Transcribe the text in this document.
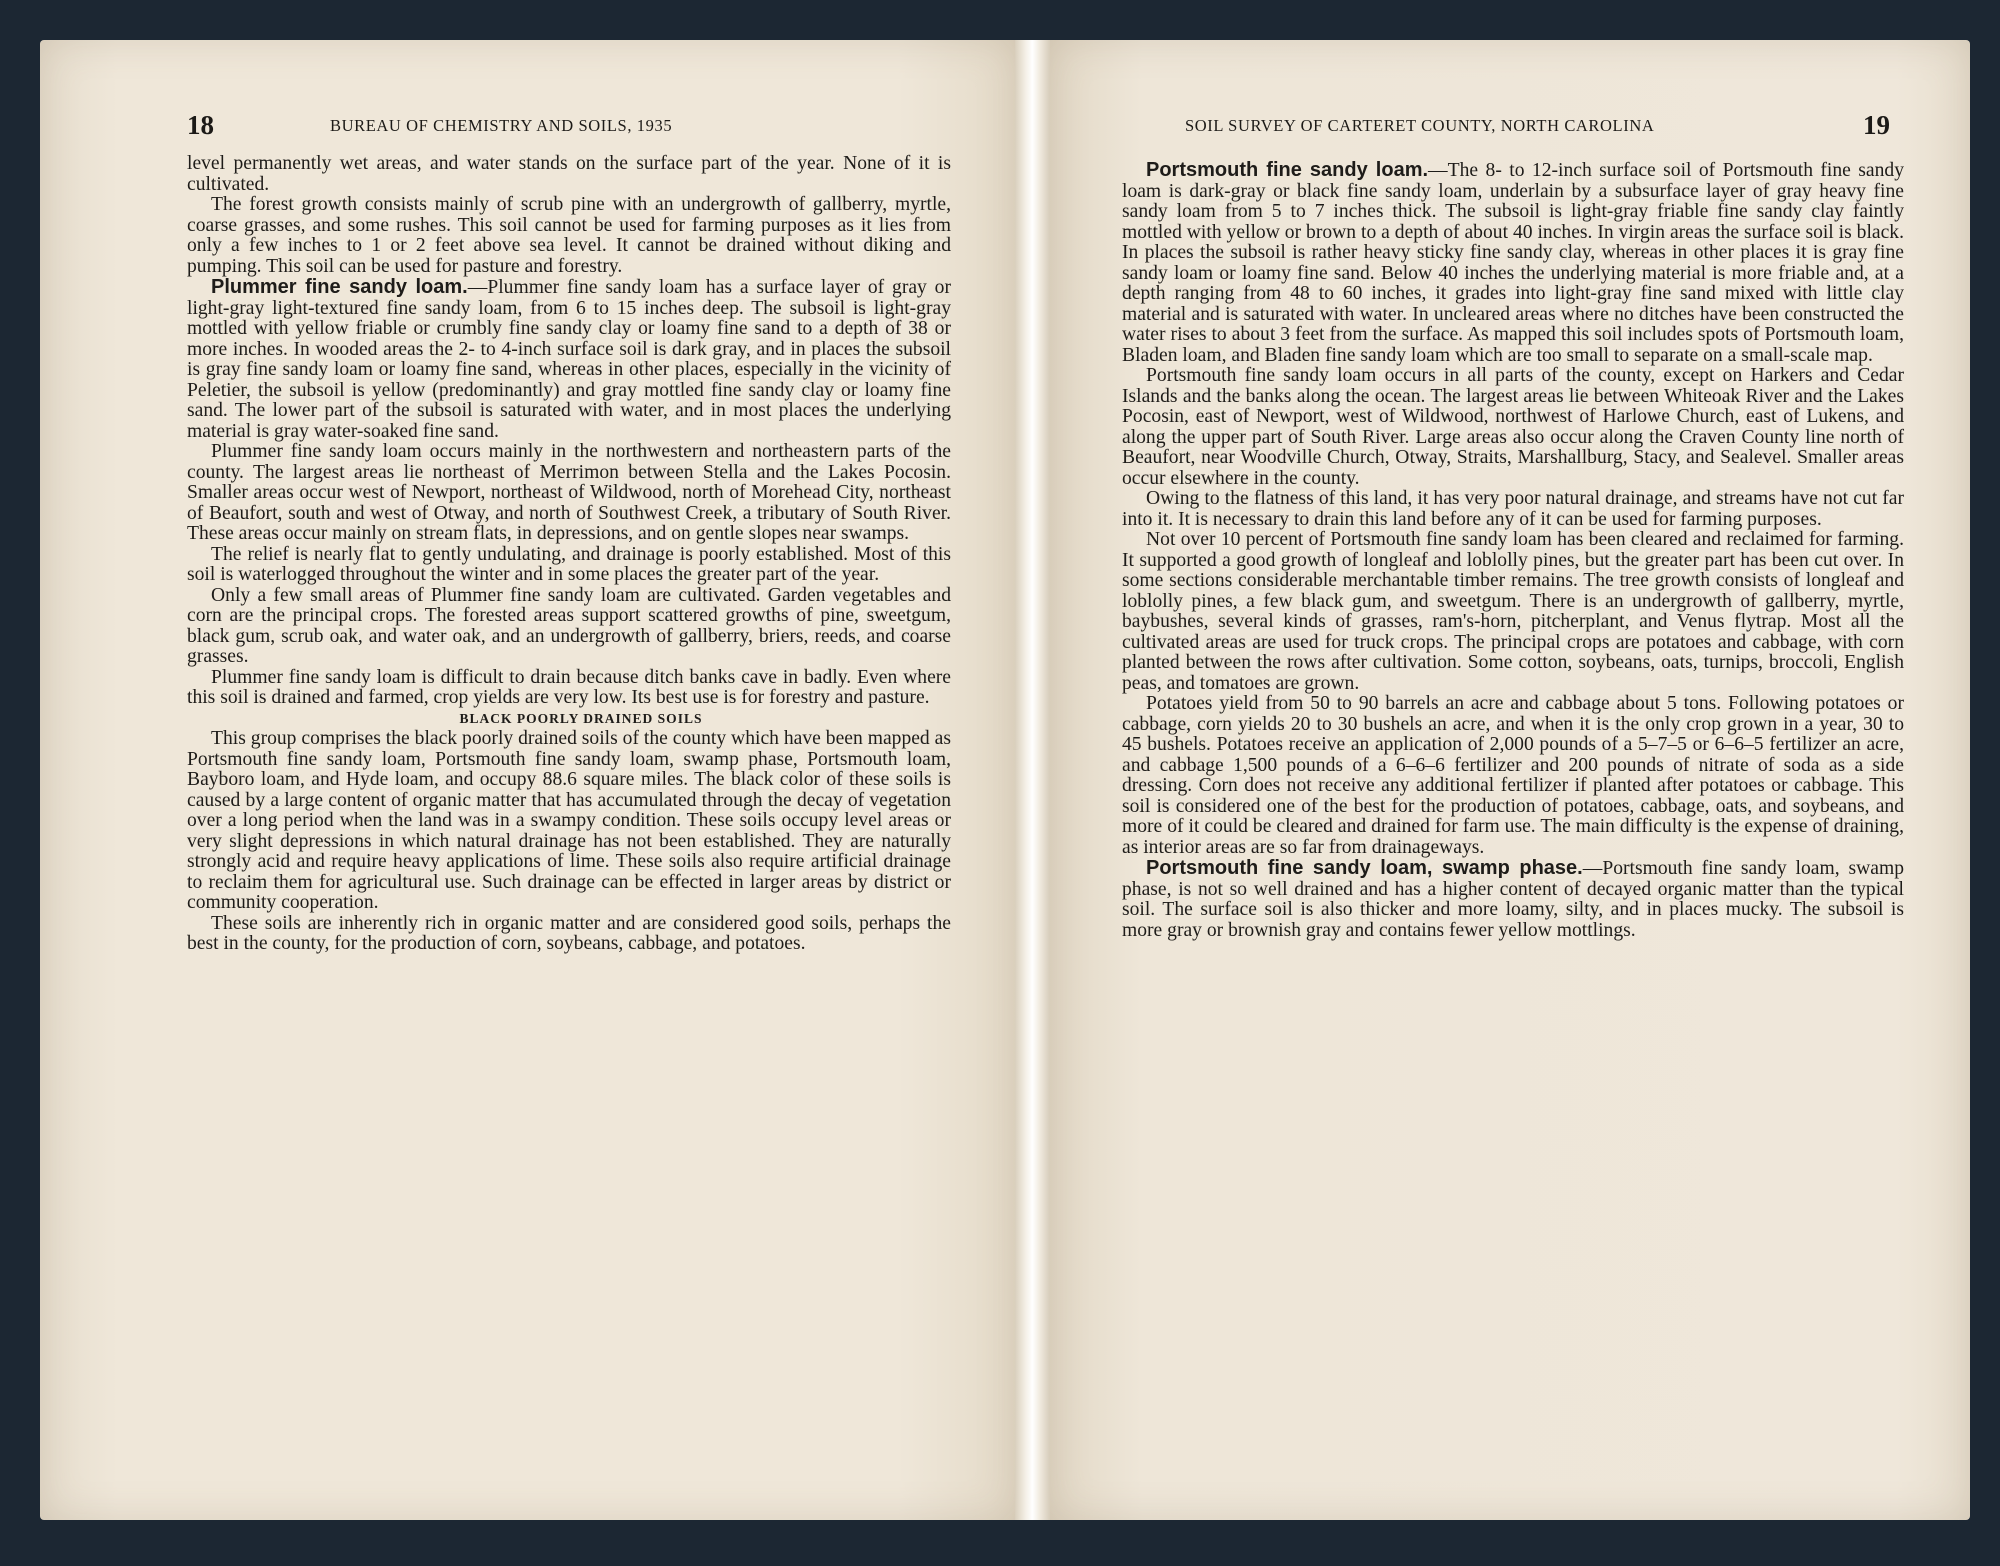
18	BUREAU OF CHEMISTRY AND SOILS, 1935

level permanently wet areas, and water stands on the surface part of the year. None of it is cultivated.

The forest growth consists mainly of scrub pine with an undergrowth of gallberry, myrtle, coarse grasses, and some rushes. This soil cannot be used for farming purposes as it lies from only a few inches to 1 or 2 feet above sea level. It cannot be drained without diking and pumping. This soil can be used for pasture and forestry.

Plummer fine sandy loam.—Plummer fine sandy loam has a surface layer of gray or light-gray light-textured fine sandy loam, from 6 to 15 inches deep. The subsoil is light-gray mottled with yellow friable or crumbly fine sandy clay or loamy fine sand to a depth of 38 or more inches. In wooded areas the 2- to 4-inch surface soil is dark gray, and in places the subsoil is gray fine sandy loam or loamy fine sand, whereas in other places, especially in the vicinity of Peletier, the subsoil is yellow (predominantly) and gray mottled fine sandy clay or loamy fine sand. The lower part of the subsoil is saturated with water, and in most places the underlying material is gray water-soaked fine sand.

Plummer fine sandy loam occurs mainly in the northwestern and northeastern parts of the county. The largest areas lie northeast of Merrimon between Stella and the Lakes Pocosin. Smaller areas occur west of Newport, northeast of Wildwood, north of Morehead City, northeast of Beaufort, south and west of Otway, and north of Southwest Creek, a tributary of South River. These areas occur mainly on stream flats, in depressions, and on gentle slopes near swamps.

The relief is nearly flat to gently undulating, and drainage is poorly established. Most of this soil is waterlogged throughout the winter and in some places the greater part of the year.

Only a few small areas of Plummer fine sandy loam are cultivated. Garden vegetables and corn are the principal crops. The forested areas support scattered growths of pine, sweetgum, black gum, scrub oak, and water oak, and an undergrowth of gallberry, briers, reeds, and coarse grasses.

Plummer fine sandy loam is difficult to drain because ditch banks cave in badly. Even where this soil is drained and farmed, crop yields are very low. Its best use is for forestry and pasture.

BLACK POORLY DRAINED SOILS

This group comprises the black poorly drained soils of the county which have been mapped as Portsmouth fine sandy loam, Portsmouth fine sandy loam, swamp phase, Portsmouth loam, Bayboro loam, and Hyde loam, and occupy 88.6 square miles. The black color of these soils is caused by a large content of organic matter that has accumulated through the decay of vegetation over a long period when the land was in a swampy condition. These soils occupy level areas or very slight depressions in which natural drainage has not been established. They are naturally strongly acid and require heavy applications of lime. These soils also require artificial drainage to reclaim them for agricultural use. Such drainage can be effected in larger areas by district or community cooperation.

These soils are inherently rich in organic matter and are considered good soils, perhaps the best in the county, for the production of corn, soybeans, cabbage, and potatoes.

SOIL SURVEY OF CARTERET COUNTY, NORTH CAROLINA	19

Portsmouth fine sandy loam.—The 8- to 12-inch surface soil of Portsmouth fine sandy loam is dark-gray or black fine sandy loam, underlain by a subsurface layer of gray heavy fine sandy loam from 5 to 7 inches thick. The subsoil is light-gray friable fine sandy clay faintly mottled with yellow or brown to a depth of about 40 inches. In virgin areas the surface soil is black. In places the subsoil is rather heavy sticky fine sandy clay, whereas in other places it is gray fine sandy loam or loamy fine sand. Below 40 inches the underlying material is more friable and, at a depth ranging from 48 to 60 inches, it grades into light-gray fine sand mixed with little clay material and is saturated with water. In uncleared areas where no ditches have been constructed the water rises to about 3 feet from the surface. As mapped this soil includes spots of Portsmouth loam, Bladen loam, and Bladen fine sandy loam which are too small to separate on a small-scale map.

Portsmouth fine sandy loam occurs in all parts of the county, except on Harkers and Cedar Islands and the banks along the ocean. The largest areas lie between Whiteoak River and the Lakes Pocosin, east of Newport, west of Wildwood, northwest of Harlowe Church, east of Lukens, and along the upper part of South River. Large areas also occur along the Craven County line north of Beaufort, near Woodville Church, Otway, Straits, Marshallburg, Stacy, and Sealevel. Smaller areas occur elsewhere in the county.

Owing to the flatness of this land, it has very poor natural drainage, and streams have not cut far into it. It is necessary to drain this land before any of it can be used for farming purposes.

Not over 10 percent of Portsmouth fine sandy loam has been cleared and reclaimed for farming. It supported a good growth of longleaf and loblolly pines, but the greater part has been cut over. In some sections considerable merchantable timber remains. The tree growth consists of longleaf and loblolly pines, a few black gum, and sweetgum. There is an undergrowth of gallberry, myrtle, baybushes, several kinds of grasses, ram's-horn, pitcherplant, and Venus flytrap. Most all the cultivated areas are used for truck crops. The principal crops are potatoes and cabbage, with corn planted between the rows after cultivation. Some cotton, soybeans, oats, turnips, broccoli, English peas, and tomatoes are grown.

Potatoes yield from 50 to 90 barrels an acre and cabbage about 5 tons. Following potatoes or cabbage, corn yields 20 to 30 bushels an acre, and when it is the only crop grown in a year, 30 to 45 bushels. Potatoes receive an application of 2,000 pounds of a 5–7–5 or 6–6–5 fertilizer an acre, and cabbage 1,500 pounds of a 6–6–6 fertilizer and 200 pounds of nitrate of soda as a side dressing. Corn does not receive any additional fertilizer if planted after potatoes or cabbage. This soil is considered one of the best for the production of potatoes, cabbage, oats, and soybeans, and more of it could be cleared and drained for farm use. The main difficulty is the expense of draining, as interior areas are so far from drainageways.

Portsmouth fine sandy loam, swamp phase.—Portsmouth fine sandy loam, swamp phase, is not so well drained and has a higher content of decayed organic matter than the typical soil. The surface soil is also thicker and more loamy, silty, and in places mucky. The subsoil is more gray or brownish gray and contains fewer yellow mottlings.
